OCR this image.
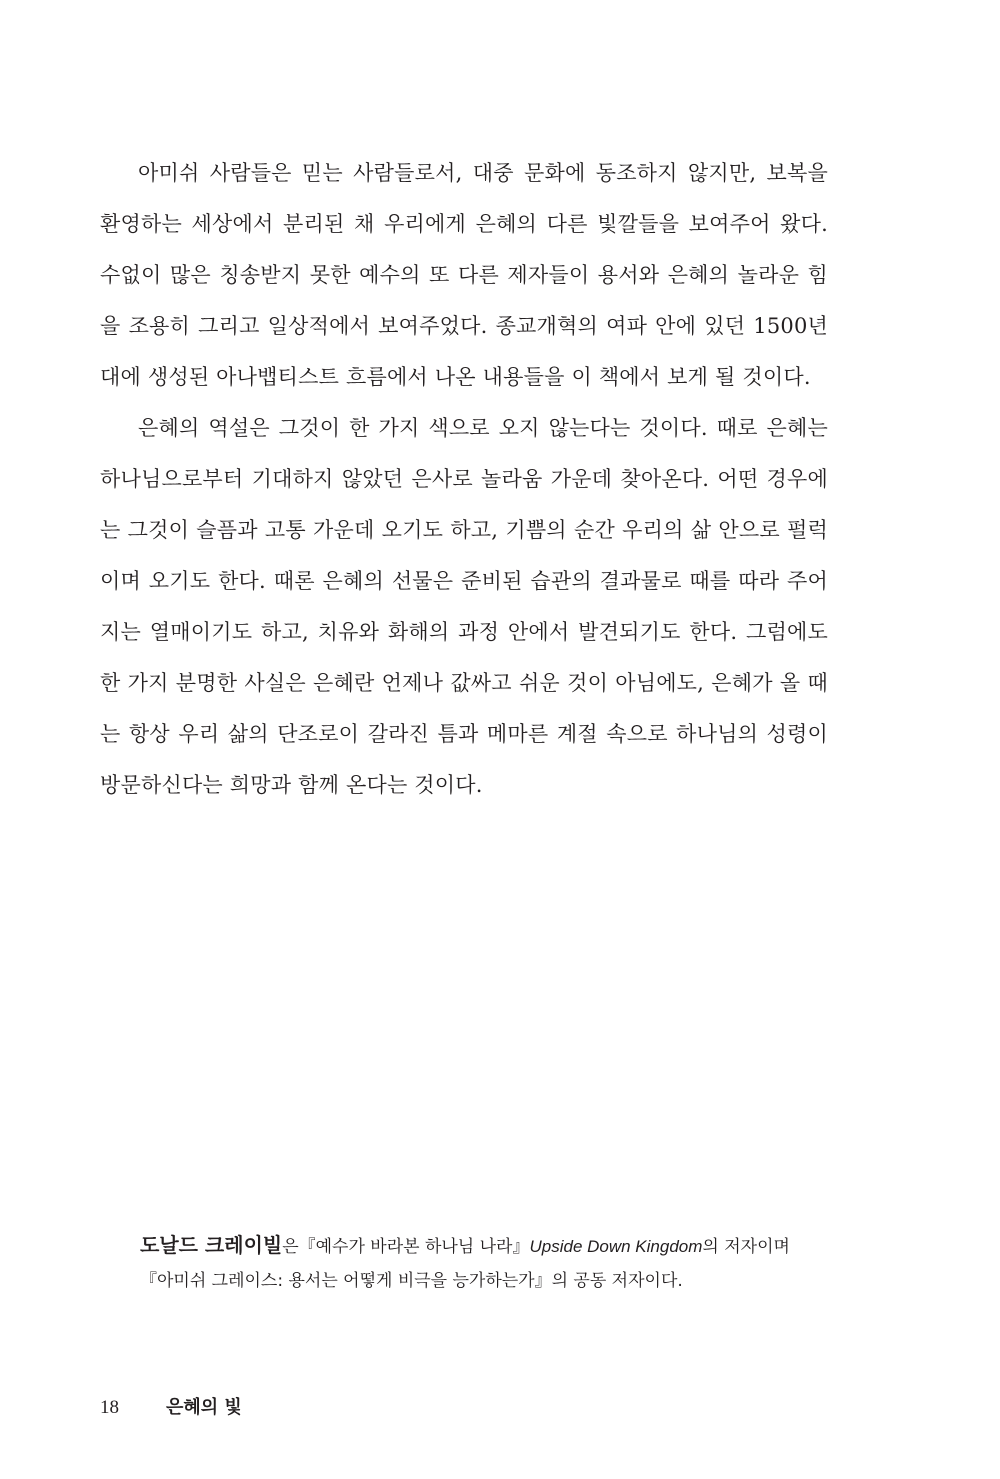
아미쉬 사람들은 믿는 사람들로서, 대중 문화에 동조하지 않지만, 보복을 환영하는 세상에서 분리된 채 우리에게 은혜의 다른 빛깔들을 보여주어 왔다. 수없이 많은 칭송받지 못한 예수의 또 다른 제자들이 용서와 은혜의 놀라운 힘을 조용히 그리고 일상적에서 보여주었다. 종교개혁의 여파 안에 있던 1500년대에 생성된 아나뱁티스트 흐름에서 나온 내용들을 이 책에서 보게 될 것이다.

은혜의 역설은 그것이 한 가지 색으로 오지 않는다는 것이다. 때로 은혜는 하나님으로부터 기대하지 않았던 은사로 놀라움 가운데 찾아온다. 어떤 경우에는 그것이 슬픔과 고통 가운데 오기도 하고, 기쁨의 순간 우리의 삶 안으로 펄럭이며 오기도 한다. 때론 은혜의 선물은 준비된 습관의 결과물로 때를 따라 주어지는 열매이기도 하고, 치유와 화해의 과정 안에서 발견되기도 한다. 그럼에도 한 가지 분명한 사실은 은혜란 언제나 값싸고 쉬운 것이 아님에도, 은혜가 올 때는 항상 우리 삶의 단조로이 갈라진 틈과 메마른 계절 속으로 하나님의 성령이 방문하신다는 희망과 함께 온다는 것이다.

도날드 크레이빌은『예수가 바라본 하나님 나라』Upside Down Kingdom의 저자이며『아미쉬 그레이스: 용서는 어떻게 비극을 능가하는가』의 공동 저자이다.
18	은혜의 빛
